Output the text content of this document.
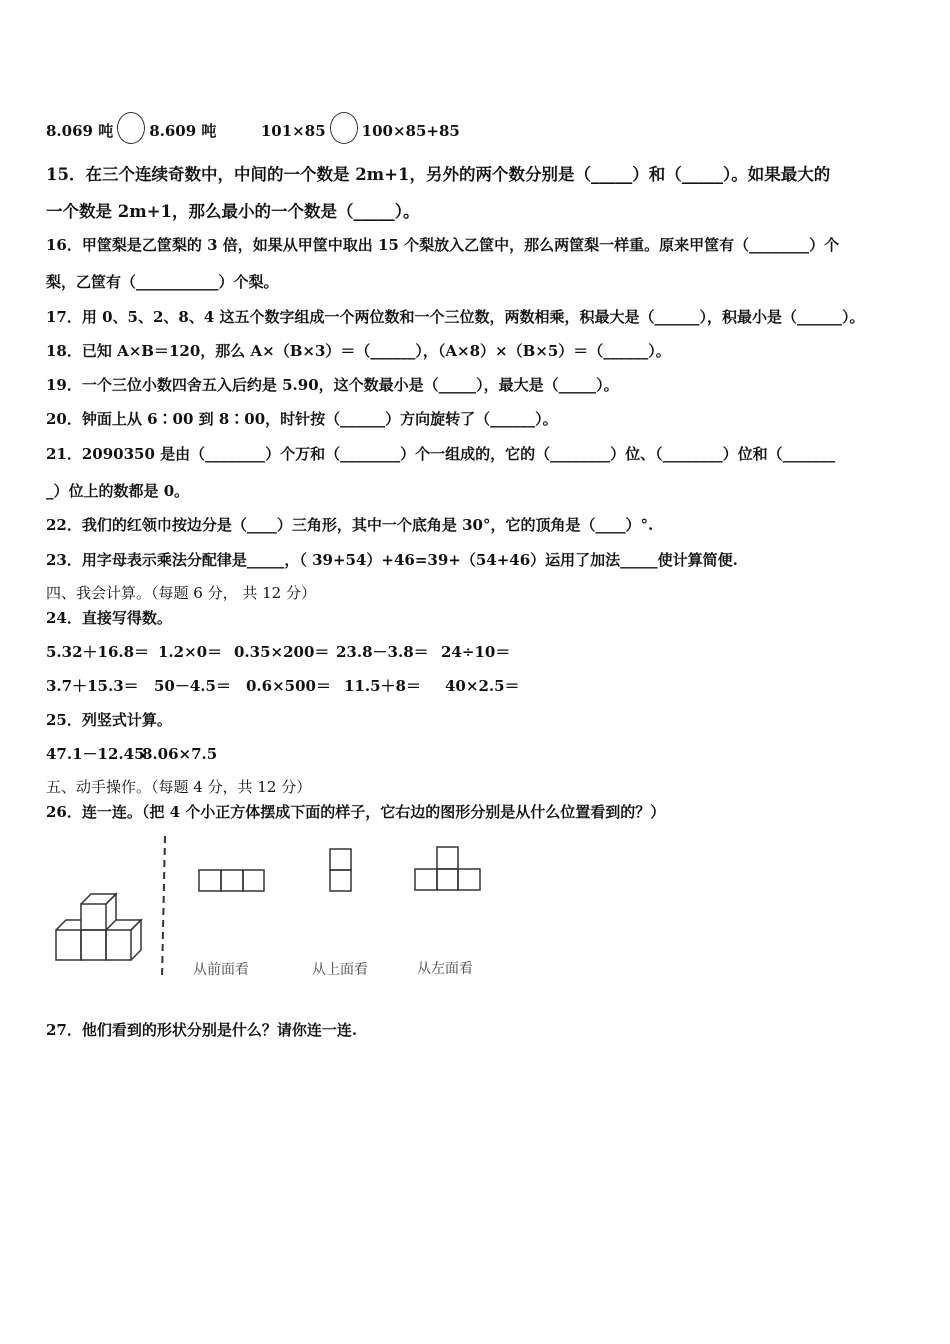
8.069 吨 8.609 吨	101×85 100×85+85
15．在三个连续奇数中，中间的一个数是 2m+1，另外的两个数分别是（_____）和（_____）。如果最大的
一个数是 2m+1，那么最小的一个数是（_____）。
16．甲筐梨是乙筐梨的 3 倍，如果从甲筐中取出 15 个梨放入乙筐中，那么两筐梨一样重。原来甲筐有（________）个
梨，乙筐有（___________）个梨。
17．用 0、5、2、8、4 这五个数字组成一个两位数和一个三位数，两数相乘，积最大是（______），积最小是（______）。
18．已知 A×B＝120，那么 A×（B×3）＝（______），（A×8）×（B×5）＝（______）。
19．一个三位小数四舍五入后约是 5.90，这个数最小是（_____），最大是（_____）。
20．钟面上从 6∶00 到 8∶00，时针按（______）方向旋转了（______）。
21．2090350 是由（________）个万和（________）个一组成的，它的（________）位、（________）位和（_______
_）位上的数都是 0。
22．我们的红领巾按边分是（____）三角形，其中一个底角是 30°，它的顶角是（____）°.
23．用字母表示乘法分配律是_____，（ 39+54）+46=39+（54+46）运用了加法_____使计算简便.
四、我会计算。（每题 6 分， 共 12 分）
24．直接写得数。
5.32＋16.8＝ 1.2×0＝ 0.35×200＝ 23.8－3.8＝ 24÷10＝
3.7＋15.3＝ 50－4.5＝ 0.6×500＝ 11.5＋8＝ 40×2.5＝
25．列竖式计算。
47.1－12.458.06×7.5
五、动手操作。（每题 4 分，共 12 分）
26．连一连。（把 4 个小正方体摆成下面的样子，它右边的图形分别是从什么位置看到的？）
从前面看	从上面看	从左面看
27．他们看到的形状分别是什么？请你连一连.
